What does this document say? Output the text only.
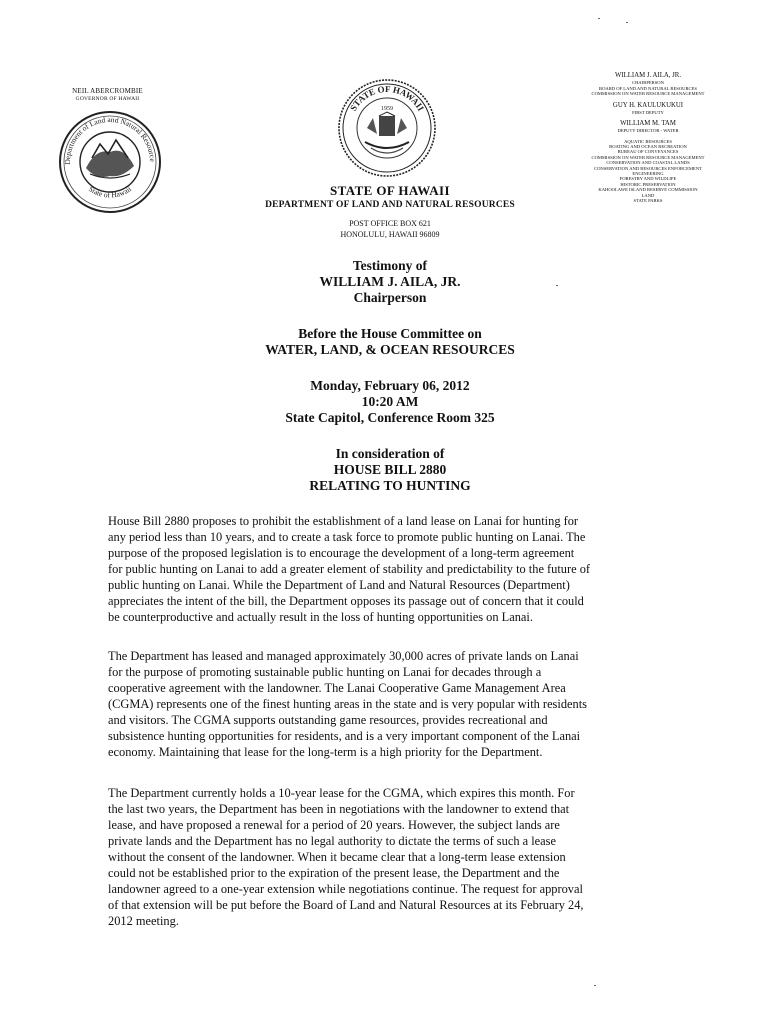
NEIL ABERCROMBIE
GOVERNOR OF HAWAII
Department of Land and Natural Resource
State of Hawaii
STATE OF HAWAII
1959
STATE OF HAWAII
DEPARTMENT OF LAND AND NATURAL RESOURCES
POST OFFICE BOX 621
HONOLULU, HAWAII 96809
WILLIAM J. AILA, JR.
CHAIRPERSON
BOARD OF LAND AND NATURAL RESOURCES
COMMISSION ON WATER RESOURCE MANAGEMENT
GUY H. KAULUKUKUI
FIRST DEPUTY
WILLIAM M. TAM
DEPUTY DIRECTOR - WATER
AQUATIC RESOURCES
BOATING AND OCEAN RECREATION
BUREAU OF CONVEYANCES
COMMISSION ON WATER RESOURCE MANAGEMENT
CONSERVATION AND COASTAL LANDS
CONSERVATION AND RESOURCES ENFORCEMENT
ENGINEERING
FORESTRY AND WILDLIFE
HISTORIC PRESERVATION
KAHOOLAWE ISLAND RESERVE COMMISSION
LAND
STATE PARKS
Testimony of
WILLIAM J. AILA, JR.
Chairperson
Before the House Committee on
WATER, LAND, & OCEAN RESOURCES
Monday, February 06, 2012
10:20 AM
State Capitol, Conference Room 325
In consideration of
HOUSE BILL 2880
RELATING TO HUNTING
House Bill 2880 proposes to prohibit the establishment of a land lease on Lanai for hunting for
any period less than 10 years, and to create a task force to promote public hunting on Lanai. The
purpose of the proposed legislation is to encourage the development of a long-term agreement
for public hunting on Lanai to add a greater element of stability and predictability to the future of
public hunting on Lanai. While the Department of Land and Natural Resources (Department)
appreciates the intent of the bill, the Department opposes its passage out of concern that it could
be counterproductive and actually result in the loss of hunting opportunities on Lanai.
The Department has leased and managed approximately 30,000 acres of private lands on Lanai
for the purpose of promoting sustainable public hunting on Lanai for decades through a
cooperative agreement with the landowner. The Lanai Cooperative Game Management Area
(CGMA) represents one of the finest hunting areas in the state and is very popular with residents
and visitors. The CGMA supports outstanding game resources, provides recreational and
subsistence hunting opportunities for residents, and is a very important component of the Lanai
economy. Maintaining that lease for the long-term is a high priority for the Department.
The Department currently holds a 10-year lease for the CGMA, which expires this month. For
the last two years, the Department has been in negotiations with the landowner to extend that
lease, and have proposed a renewal for a period of 20 years. However, the subject lands are
private lands and the Department has no legal authority to dictate the terms of such a lease
without the consent of the landowner. When it became clear that a long-term lease extension
could not be established prior to the expiration of the present lease, the Department and the
landowner agreed to a one-year extension while negotiations continue. The request for approval
of that extension will be put before the Board of Land and Natural Resources at its February 24,
2012 meeting.
